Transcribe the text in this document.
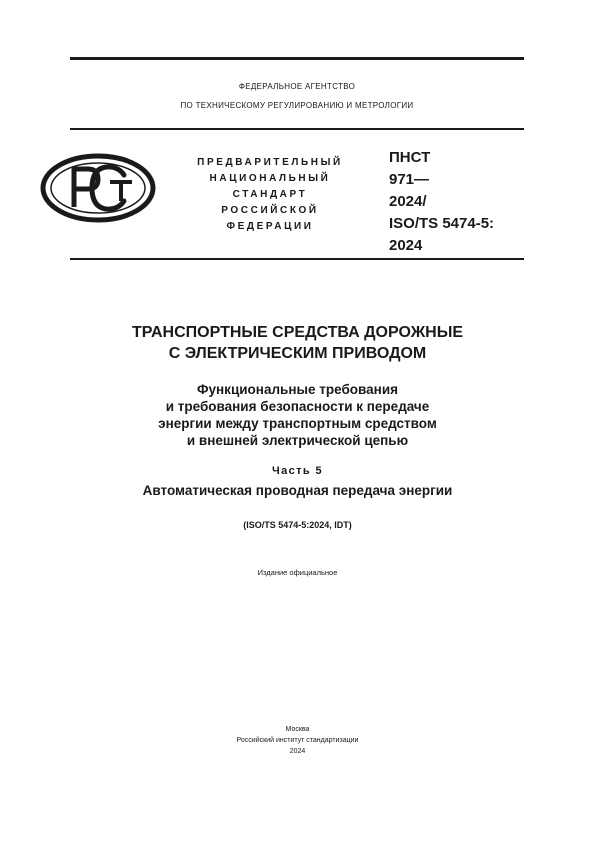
ФЕДЕРАЛЬНОЕ АГЕНТСТВО
ПО ТЕХНИЧЕСКОМУ РЕГУЛИРОВАНИЮ И МЕТРОЛОГИИ
ПРЕДВАРИТЕЛЬНЫЙ
НАЦИОНАЛЬНЫЙ
СТАНДАРТ
РОССИЙСКОЙ
ФЕДЕРАЦИИ
ПНСТ
971—
2024/
ISO/TS 5474-5:
2024
ТРАНСПОРТНЫЕ СРЕДСТВА ДОРОЖНЫЕ
С ЭЛЕКТРИЧЕСКИМ ПРИВОДОМ
Функциональные требования
и требования безопасности к передаче
энергии между транспортным средством
и внешней электрической цепью
Часть 5
Автоматическая проводная передача энергии
(ISO/TS 5474-5:2024, IDT)
Издание официальное
Москва
Российский институт стандартизации
2024
